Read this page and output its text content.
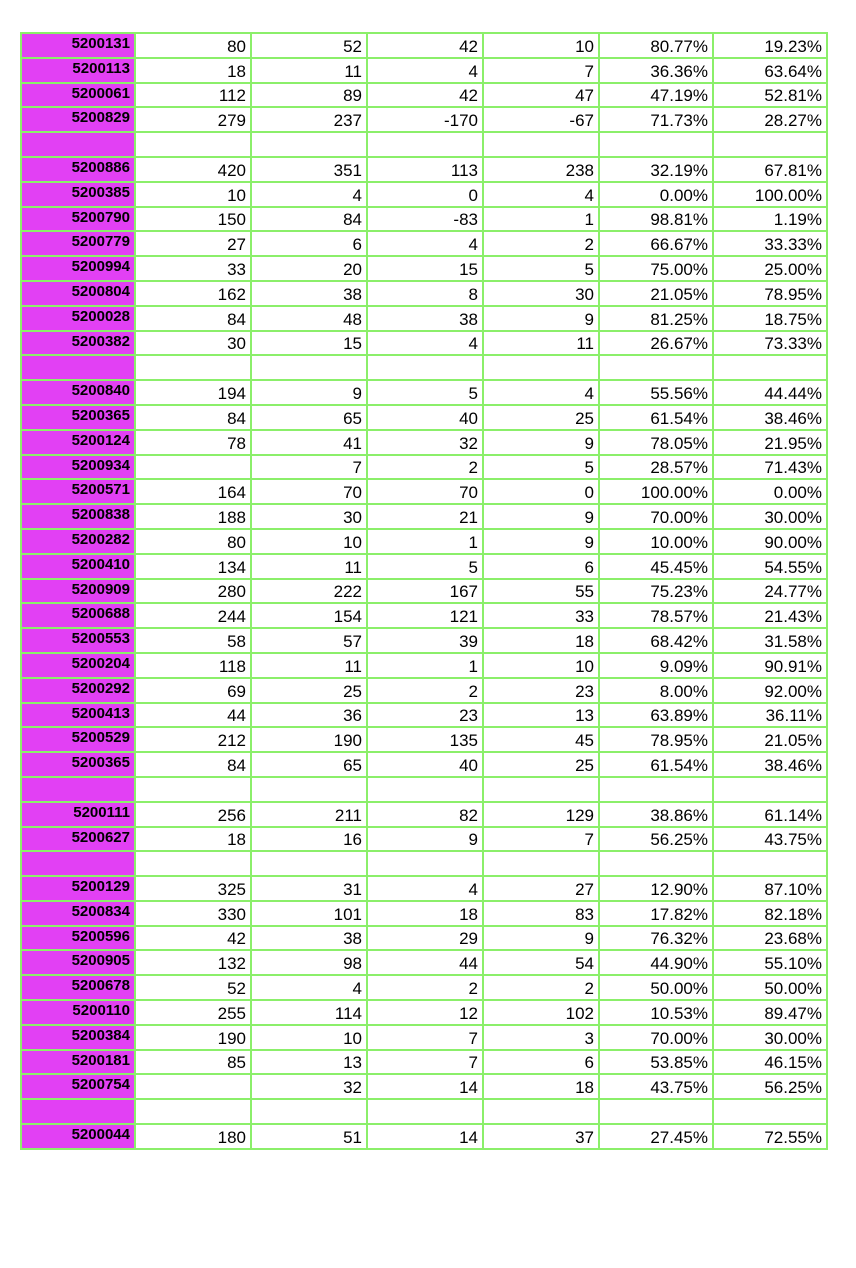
5200131	80	52	42	10	80.77%	19.23%
5200113	18	11	4	7	36.36%	63.64%
5200061	112	89	42	47	47.19%	52.81%
5200829	279	237	-170	-67	71.73%	28.27%

5200886	420	351	113	238	32.19%	67.81%
5200385	10	4	0	4	0.00%	100.00%
5200790	150	84	-83	1	98.81%	1.19%
5200779	27	6	4	2	66.67%	33.33%
5200994	33	20	15	5	75.00%	25.00%
5200804	162	38	8	30	21.05%	78.95%
5200028	84	48	38	9	81.25%	18.75%
5200382	30	15	4	11	26.67%	73.33%

5200840	194	9	5	4	55.56%	44.44%
5200365	84	65	40	25	61.54%	38.46%
5200124	78	41	32	9	78.05%	21.95%
5200934		7	2	5	28.57%	71.43%
5200571	164	70	70	0	100.00%	0.00%
5200838	188	30	21	9	70.00%	30.00%
5200282	80	10	1	9	10.00%	90.00%
5200410	134	11	5	6	45.45%	54.55%
5200909	280	222	167	55	75.23%	24.77%
5200688	244	154	121	33	78.57%	21.43%
5200553	58	57	39	18	68.42%	31.58%
5200204	118	11	1	10	9.09%	90.91%
5200292	69	25	2	23	8.00%	92.00%
5200413	44	36	23	13	63.89%	36.11%
5200529	212	190	135	45	78.95%	21.05%
5200365	84	65	40	25	61.54%	38.46%

5200111	256	211	82	129	38.86%	61.14%
5200627	18	16	9	7	56.25%	43.75%

5200129	325	31	4	27	12.90%	87.10%
5200834	330	101	18	83	17.82%	82.18%
5200596	42	38	29	9	76.32%	23.68%
5200905	132	98	44	54	44.90%	55.10%
5200678	52	4	2	2	50.00%	50.00%
5200110	255	114	12	102	10.53%	89.47%
5200384	190	10	7	3	70.00%	30.00%
5200181	85	13	7	6	53.85%	46.15%
5200754		32	14	18	43.75%	56.25%

5200044	180	51	14	37	27.45%	72.55%
